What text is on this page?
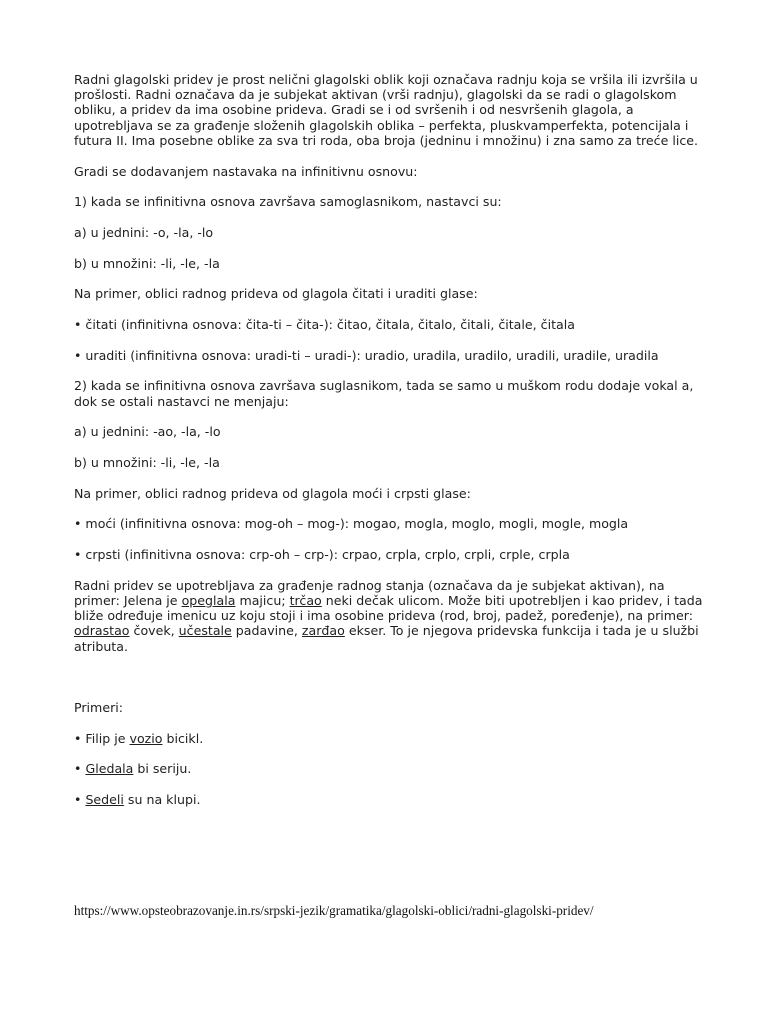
Radni glagolski pridev je prost nelični glagolski oblik koji označava radnju koja se vršila ili izvršila u prošlosti. Radni označava da je subjekat aktivan (vrši radnju), glagolski da se radi o glagolskom obliku, a pridev da ima osobine prideva. Gradi se i od svršenih i od nesvršenih glagola, a upotrebljava se za građenje složenih glagolskih oblika – perfekta, pluskvamperfekta, potencijala i futura II. Ima posebne oblike za sva tri roda, oba broja (jedninu i množinu) i zna samo za treće lice.

Gradi se dodavanjem nastavaka na infinitivnu osnovu:

1) kada se infinitivna osnova završava samoglasnikom, nastavci su:

a) u jednini: -o, -la, -lo

b) u množini: -li, -le, -la

Na primer, oblici radnog prideva od glagola čitati i uraditi glase:

• čitati (infinitivna osnova: čita-ti – čita-): čitao, čitala, čitalo, čitali, čitale, čitala

• uraditi (infinitivna osnova: uradi-ti – uradi-): uradio, uradila, uradilo, uradili, uradile, uradila

2) kada se infinitivna osnova završava suglasnikom, tada se samo u muškom rodu dodaje vokal a, dok se ostali nastavci ne menjaju:

a) u jednini: -ao, -la, -lo

b) u množini: -li, -le, -la

Na primer, oblici radnog prideva od glagola moći i crpsti glase:

• moći (infinitivna osnova: mog-oh – mog-): mogao, mogla, moglo, mogli, mogle, mogla

• crpsti (infinitivna osnova: crp-oh – crp-): crpao, crpla, crplo, crpli, crple, crpla

Radni pridev se upotrebljava za građenje radnog stanja (označava da je subjekat aktivan), na primer: Jelena je opeglala majicu; trčao neki dečak ulicom. Može biti upotrebljen i kao pridev, i tada bliže određuje imenicu uz koju stoji i ima osobine prideva (rod, broj, padež, poređenje), na primer: odrastao čovek, učestale padavine, zarđao ekser. To je njegova pridevska funkcija i tada je u službi atributa.

Primeri:

• Filip je vozio bicikl.

• Gledala bi seriju.

• Sedeli su na klupi.

https://www.opsteobrazovanje.in.rs/srpski-jezik/gramatika/glagolski-oblici/radni-glagolski-pridev/
